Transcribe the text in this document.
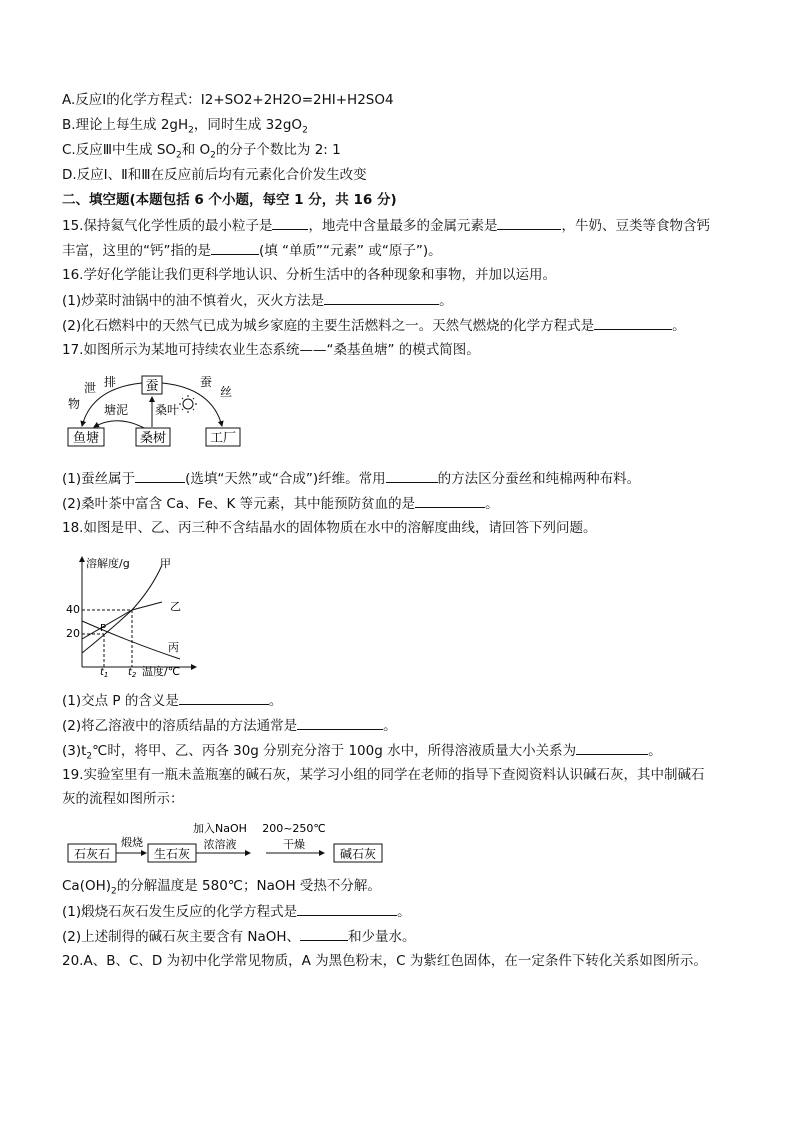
A.反应Ⅰ的化学方程式：I2+SO2+2H2O=2HI+H2SO4
B.理论上每生成 $2gH_2$，同时生成 $32gO_2$
C.反应Ⅲ中生成 $SO_2$和 $O_2$的分子个数比为 2: 1
D.反应Ⅰ、Ⅱ和Ⅲ在反应前后均有元素化合价发生改变
二、填空题(本题包括 6 个小题，每空 1 分，共 16 分)
15.保持氦气化学性质的最小粒子是	，地壳中含量最多的金属元素是	，牛奶、豆类等食物含钙
丰富，这里的“钙”指的是	(填 “单质”“元素” 或“原子”)。
16.学好化学能让我们更科学地认识、分析生活中的各种现象和事物，并加以运用。
(1)炒菜时油锅中的油不慎着火，灭火方法是	。
(2)化石燃料中的天然气已成为城乡家庭的主要生活燃料之一。天然气燃烧的化学方程式是	。
17.如图所示为某地可持续农业生态系统——“桑基鱼塘” 的模式简图。
蚕
鱼塘	桑树	工厂
泄 排
物 塘泥 桑叶
蚕
丝
(1)蚕丝属于	(选填“天然”或“合成”)纤维。常用	的方法区分蚕丝和纯棉两种布料。
(2)桑叶茶中富含 Ca、Fe、K 等元素，其中能预防贫血的是	。
18.如图是甲、乙、丙三种不含结晶水的固体物质在水中的溶解度曲线，请回答下列问题。
溶解度/g
温度/℃
40
20
$t_1$ $t_2$
甲
乙
丙
P
(1)交点 P 的含义是	。
(2)将乙溶液中的溶质结晶的方法通常是	。
$(3)t_2℃$时，将甲、乙、丙各 30g 分别充分溶于 100g 水中，所得溶液质量大小关系为	。
19.实验室里有一瓶未盖瓶塞的碱石灰，某学习小组的同学在老师的指导下查阅资料认识碱石灰，其中制碱石
灰的流程如图所示：
石灰石
煅烧
生石灰
加入NaOH
浓溶液
200~250℃
干燥
碱石灰
$Ca(OH)_2$的分解温度是 580℃；NaOH 受热不分解。
(1)煅烧石灰石发生反应的化学方程式是	。
(2)上述制得的碱石灰主要含有 NaOH、	和少量水。
20.A、B、C、D 为初中化学常见物质，A 为黑色粉末，C 为紫红色固体，在一定条件下转化关系如图所示。
